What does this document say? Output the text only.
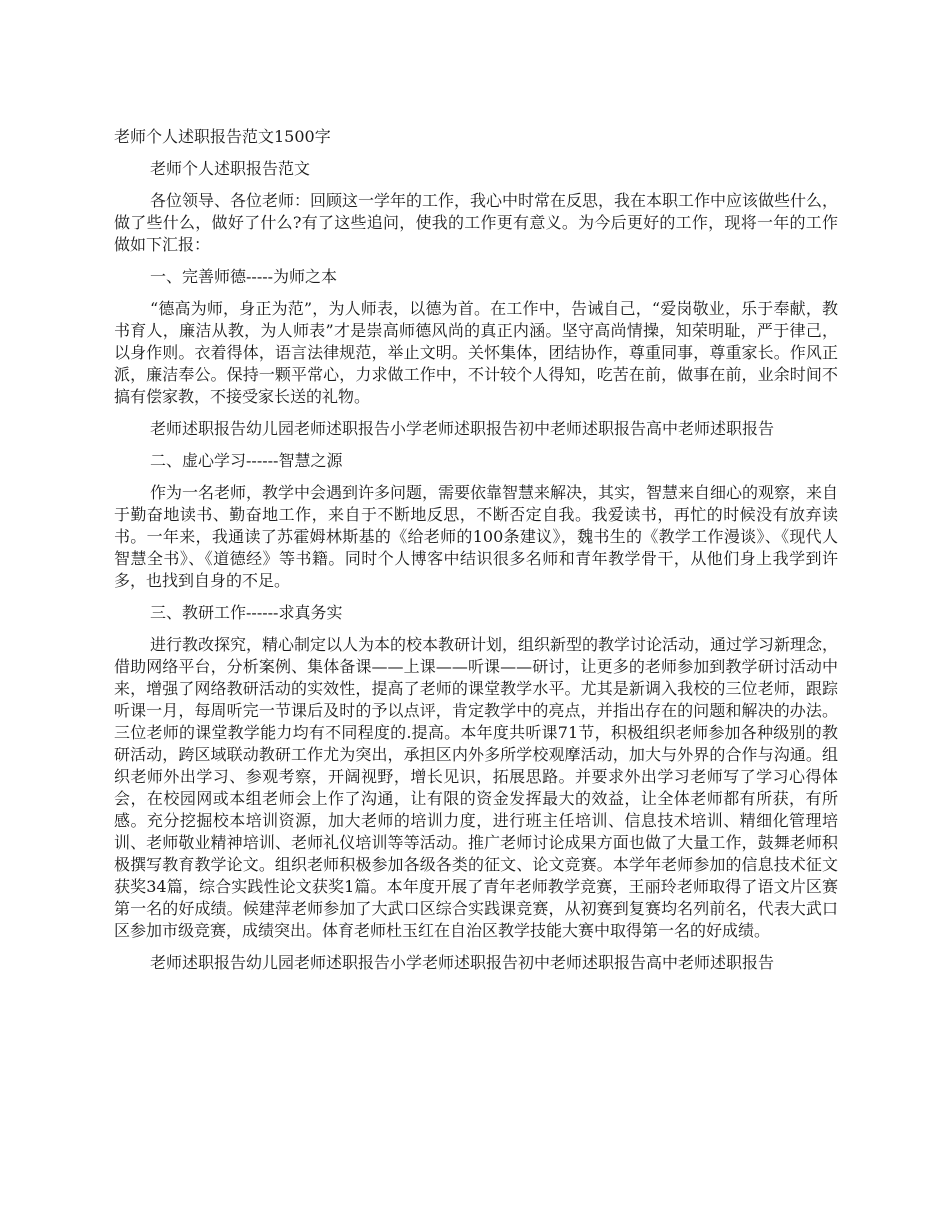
老师个人述职报告范文1500字

老师个人述职报告范文

各位领导、各位老师：回顾这一学年的工作，我心中时常在反思，我在本职工作中应该做些什么，做了些什么，做好了什么?有了这些追问，使我的工作更有意义。为今后更好的工作，现将一年的工作做如下汇报：

一、完善师德-----为师之本

“德高为师，身正为范”，为人师表，以德为首。在工作中，告诫自己，“爱岗敬业，乐于奉献，教书育人，廉洁从教，为人师表”才是崇高师德风尚的真正内涵。坚守高尚情操，知荣明耻，严于律己，以身作则。衣着得体，语言法律规范，举止文明。关怀集体，团结协作，尊重同事，尊重家长。作风正派，廉洁奉公。保持一颗平常心，力求做工作中，不计较个人得知，吃苦在前，做事在前，业余时间不搞有偿家教，不接受家长送的礼物。

老师述职报告幼儿园老师述职报告小学老师述职报告初中老师述职报告高中老师述职报告

二、虚心学习------智慧之源

作为一名老师，教学中会遇到许多问题，需要依靠智慧来解决，其实，智慧来自细心的观察，来自于勤奋地读书、勤奋地工作，来自于不断地反思，不断否定自我。我爱读书，再忙的时候没有放弃读书。一年来，我通读了苏霍姆林斯基的《给老师的100条建议》，魏书生的《教学工作漫谈》、《现代人智慧全书》、《道德经》等书籍。同时个人博客中结识很多名师和青年教学骨干，从他们身上我学到许多，也找到自身的不足。

三、教研工作------求真务实

进行教改探究，精心制定以人为本的校本教研计划，组织新型的教学讨论活动，通过学习新理念，借助网络平台，分析案例、集体备课——上课——听课——研讨，让更多的老师参加到教学研讨活动中来，增强了网络教研活动的实效性，提高了老师的课堂教学水平。尤其是新调入我校的三位老师，跟踪听课一月，每周听完一节课后及时的予以点评，肯定教学中的亮点，并指出存在的问题和解决的办法。三位老师的课堂教学能力均有不同程度的.提高。本年度共听课71节，积极组织老师参加各种级别的教研活动，跨区域联动教研工作尤为突出，承担区内外多所学校观摩活动，加大与外界的合作与沟通。组织老师外出学习、参观考察，开阔视野，增长见识，拓展思路。并要求外出学习老师写了学习心得体会，在校园网或本组老师会上作了沟通，让有限的资金发挥最大的效益，让全体老师都有所获，有所感。充分挖掘校本培训资源，加大老师的培训力度，进行班主任培训、信息技术培训、精细化管理培训、老师敬业精神培训、老师礼仪培训等等活动。推广老师讨论成果方面也做了大量工作，鼓舞老师积极撰写教育教学论文。组织老师积极参加各级各类的征文、论文竞赛。本学年老师参加的信息技术征文获奖34篇，综合实践性论文获奖1篇。本年度开展了青年老师教学竞赛，王丽玲老师取得了语文片区赛第一名的好成绩。候建萍老师参加了大武口区综合实践课竞赛，从初赛到复赛均名列前名，代表大武口区参加市级竞赛，成绩突出。体育老师杜玉红在自治区教学技能大赛中取得第一名的好成绩。

老师述职报告幼儿园老师述职报告小学老师述职报告初中老师述职报告高中老师述职报告
